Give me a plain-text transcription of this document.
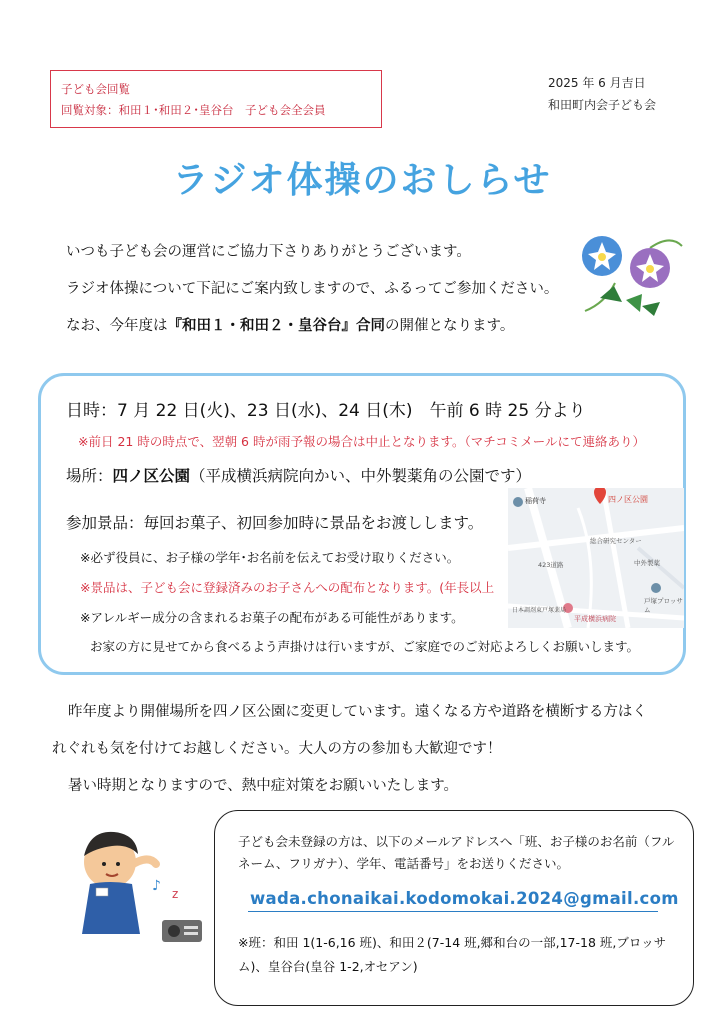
子ども会回覧
回覧対象：和田１･和田２･皇谷台　子ども会全会員
2025 年 6 月吉日
和田町内会子ども会
ラジオ体操のおしらせ
いつも子ども会の運営にご協力下さりありがとうございます。
ラジオ体操について下記にご案内致しますので、ふるってご参加ください。
なお、今年度は『和田１・和田２・皇谷台』合同の開催となります。
日時：7 月 22 日(火)、23 日(水)、24 日(木)　午前 6 時 25 分より
※前日 21 時の時点で、翌朝 6 時が雨予報の場合は中止となります。（マチコミメールにて連絡あり）
場所：四ノ区公園（平成横浜病院向かい、中外製薬角の公園です）
参加景品：毎回お菓子、初回参加時に景品をお渡しします。
※必ず役員に、お子様の学年･お名前を伝えてお受け取りください。
※景品は、子ども会に登録済みのお子さんへの配布となります。(年長以上
※アレルギー成分の含まれるお菓子の配布がある可能性があります。
お家の方に見せてから食べるよう声掛けは行いますが、ご家庭でのご対応よろしくお願いします。
稲荷寺	四ノ区公園
総合研究センター
423道路	中外製薬
日本調剤東戸塚薬局
平成横浜病院
戸塚プロッサム
昨年度より開催場所を四ノ区公園に変更しています。遠くなる方や道路を横断する方はく
れぐれも気を付けてお越しください。大人の方の参加も大歓迎です！
暑い時期となりますので、熱中症対策をお願いいたします。
♪ z
子ども会未登録の方は、以下のメールアドレスへ「班、お子様のお名前（フルネーム、フリガナ）、学年、電話番号」をお送りください。
wada.chonaikai.kodomokai.2024@gmail.com
※班：和田 1(1-6,16 班)、和田２(7-14 班,郷和台の一部,17-18 班,ブロッサム)、皇谷台(皇谷 1-2,オセアン)
